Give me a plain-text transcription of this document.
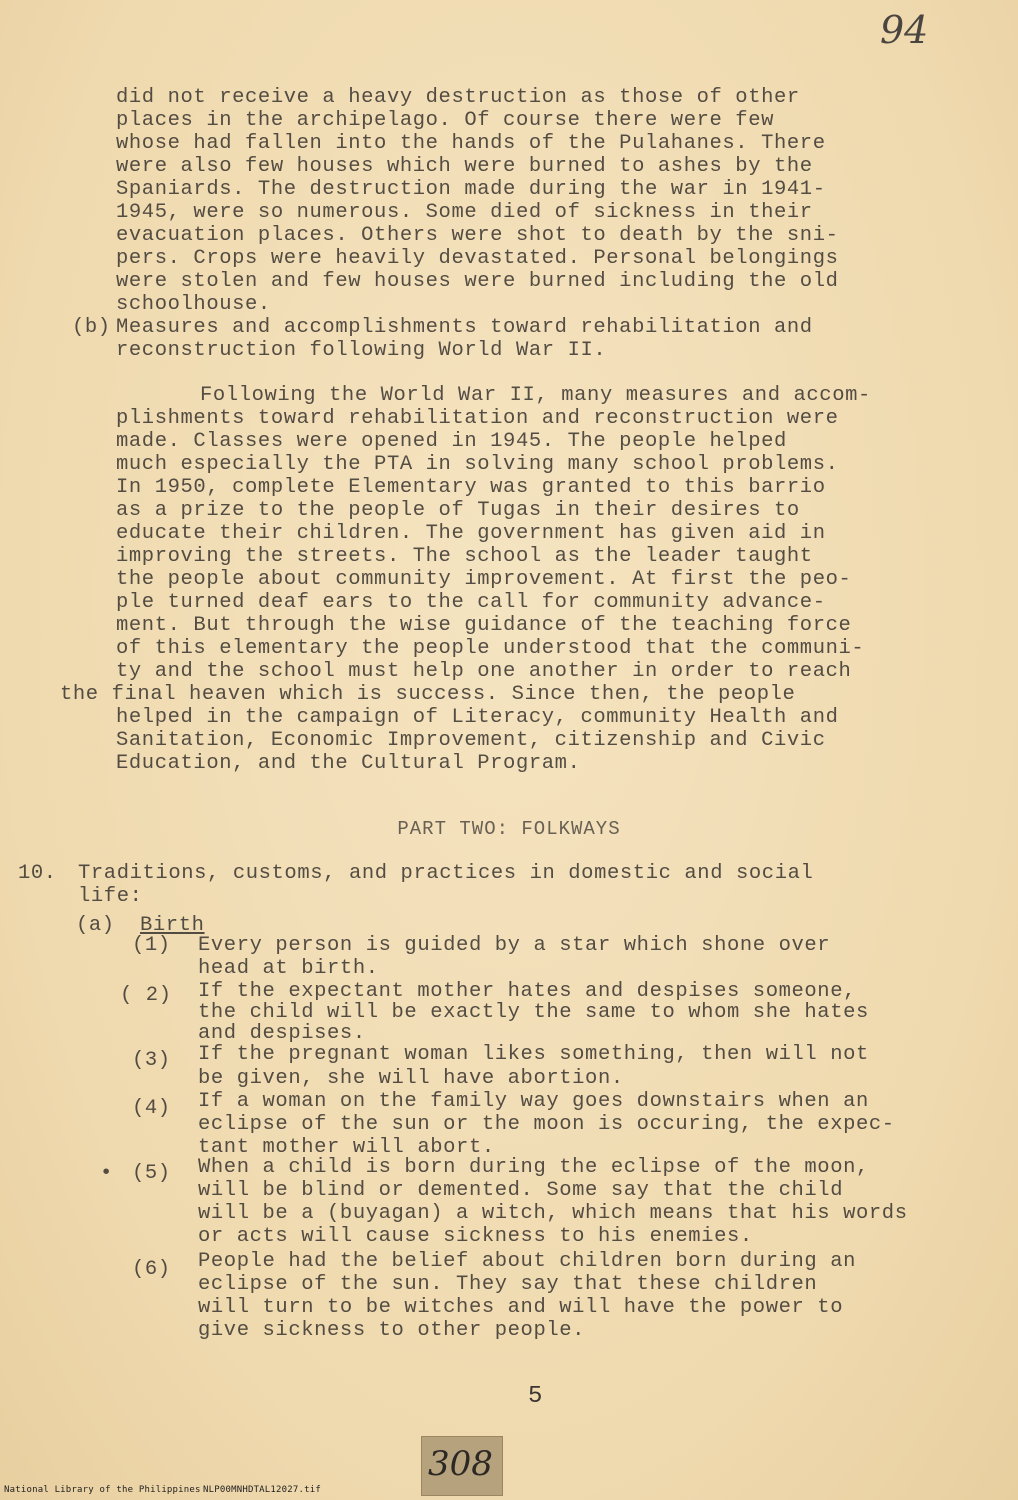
94
did not receive a heavy destruction as those of other
places in the archipelago. Of course there were few
whose had fallen into the hands of the Pulahanes. There
were also few houses which were burned to ashes by the
Spaniards. The destruction made during the war in 1941-
1945, were so numerous. Some died of sickness in their
evacuation places. Others were shot to death by the sni-
pers. Crops were heavily devastated. Personal belongings
were stolen and few houses were burned including the old
schoolhouse.
(b) Measures and accomplishments toward rehabilitation and
reconstruction following World War II.
Following the World War II, many measures and accom-
plishments toward rehabilitation and reconstruction were
made. Classes were opened in 1945. The people helped
much especially the PTA in solving many school problems.
In 1950, complete Elementary was granted to this barrio
as a prize to the people of Tugas in their desires to
educate their children. The government has given aid in
improving the streets. The school as the leader taught
the people about community improvement. At first the peo-
ple turned deaf ears to the call for community advance-
ment. But through the wise guidance of the teaching force
of this elementary the people understood that the communi-
ty and the school must help one another in order to reach
the final heaven which is success. Since then, the people
helped in the campaign of Literacy, community Health and
Sanitation, Economic Improvement, citizenship and Civic
Education, and the Cultural Program.
PART TWO: FOLKWAYS
10. Traditions, customs, and practices in domestic and social
life:
(a) Birth
(1) Every person is guided by a star which shone over
head at birth.
( 2) If the expectant mother hates and despises someone,
the child will be exactly the same to whom she hates
and despises.
(3) If the pregnant woman likes something, then will not
be given, she will have abortion.
(4) If a woman on the family way goes downstairs when an
eclipse of the sun or the moon is occuring, the expec-
tant mother will abort.
• (5) When a child is born during the eclipse of the moon,
will be blind or demented. Some say that the child
will be a (buyagan) a witch, which means that his words
or acts will cause sickness to his enemies.
(6) People had the belief about children born during an
eclipse of the sun. They say that these children
will turn to be witches and will have the power to
give sickness to other people.
5
308
National Library of the Philippines NLP00MNHDTAL12027.tif
